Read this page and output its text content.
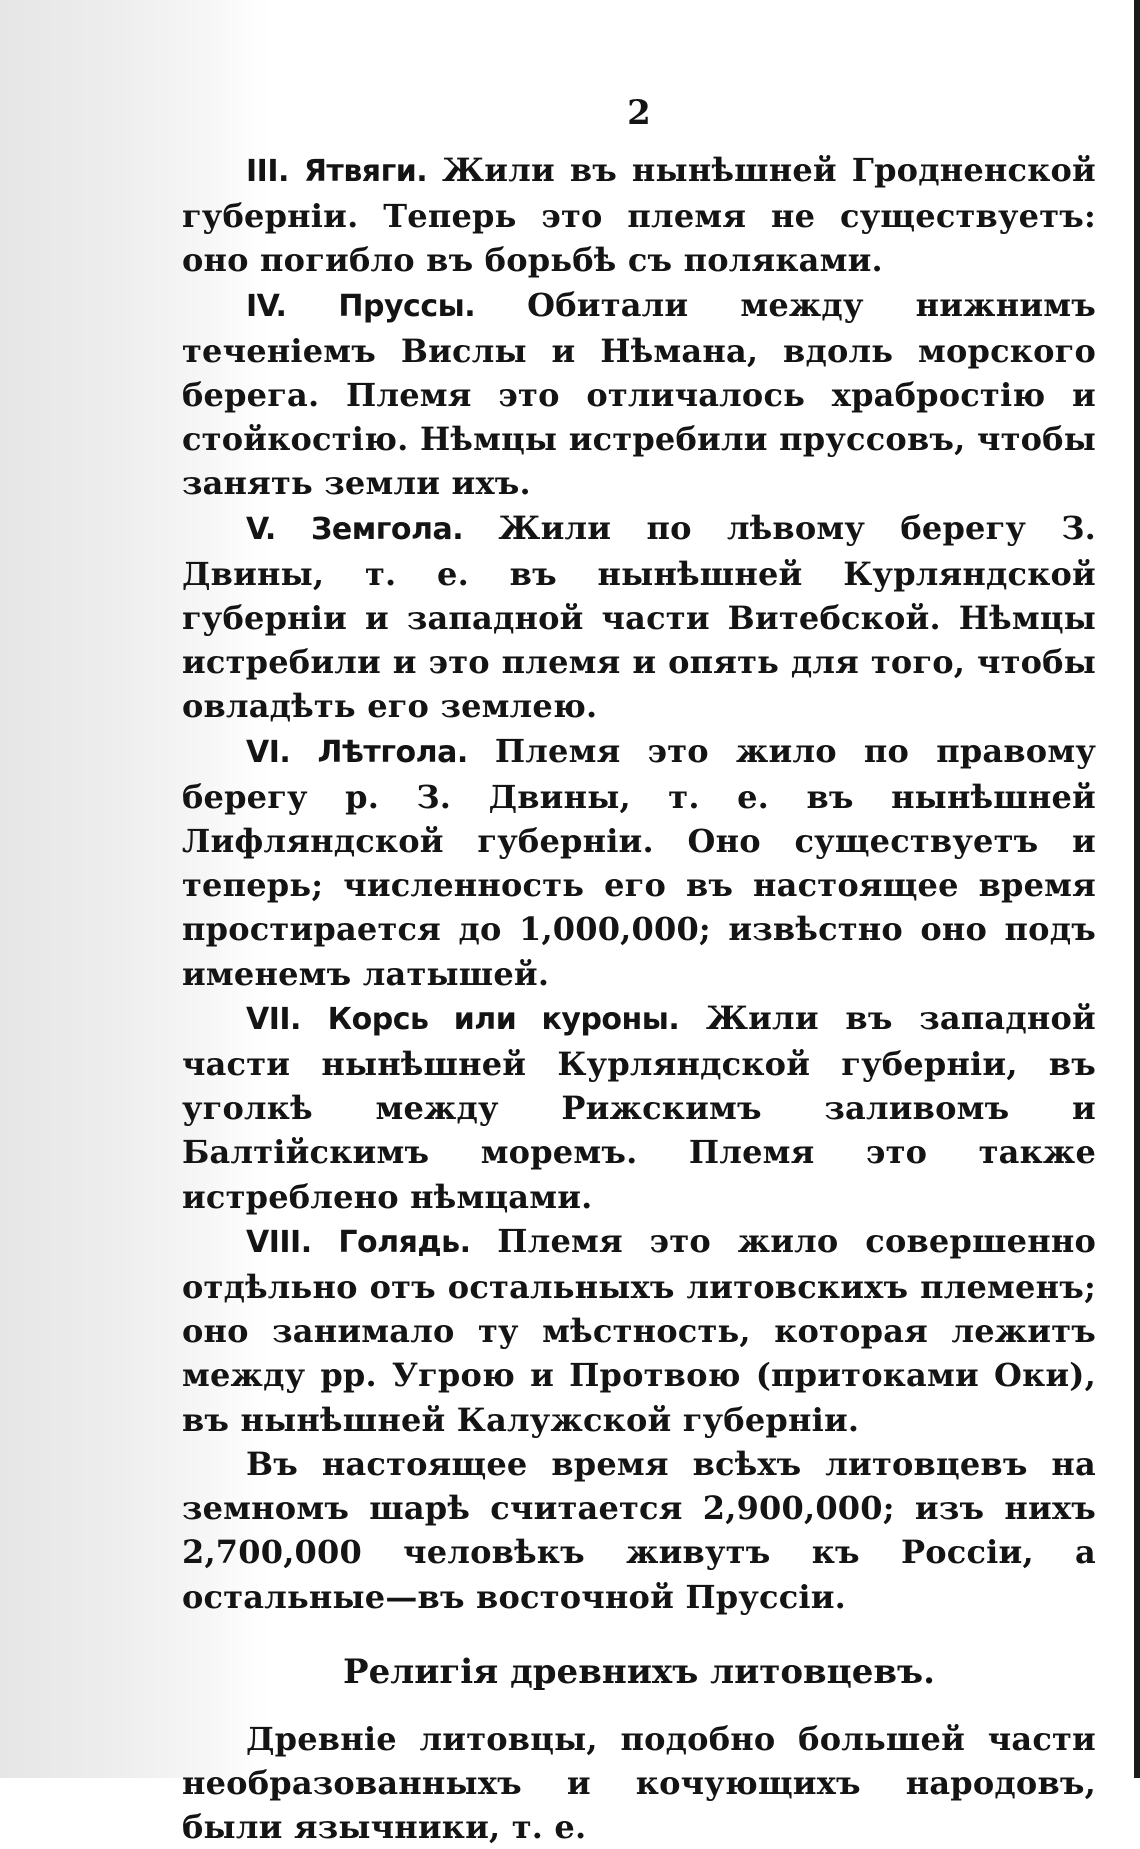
2

III. Ятвяги. Жили въ нынѣшней Гродненской губерніи. Теперь это племя не существуетъ: оно погибло въ борьбѣ съ поляками.

IV. Пруссы. Обитали между нижнимъ теченіемъ Вислы и Нѣмана, вдоль морского берега. Племя это отличалось храбростію и стойкостію. Нѣмцы истребили пруссовъ, чтобы занять земли ихъ.

V. Земгола. Жили по лѣвому берегу З. Двины, т. е. въ нынѣшней Курляндской губерніи и западной части Витебской. Нѣмцы истребили и это племя и опять для того, чтобы овладѣть его землею.

VI. Лѣтгола. Племя это жило по правому берегу р. З. Двины, т. е. въ нынѣшней Лифляндской губерніи. Оно существуетъ и теперь; численность его въ настоящее время простирается до 1,000,000; извѣстно оно подъ именемъ латышей.

VII. Корсь или куроны. Жили въ западной части нынѣшней Курляндской губерніи, въ уголкѣ между Рижскимъ заливомъ и Балтійскимъ моремъ. Племя это также истреблено нѣмцами.

VIII. Голядь. Племя это жило совершенно отдѣльно отъ остальныхъ литовскихъ племенъ; оно занимало ту мѣстность, которая лежитъ между рр. Угрою и Протвою (притоками Оки), въ нынѣшней Калужской губерніи.

Въ настоящее время всѣхъ литовцевъ на земномъ шарѣ считается 2,900,000; изъ нихъ 2,700,000 человѣкъ живутъ къ Россіи, а остальные—въ восточной Пруссіи.

Религія древнихъ литовцевъ.

Древніе литовцы, подобно большей части необразованныхъ и кочующихъ народовъ, были язычники, т. е.
